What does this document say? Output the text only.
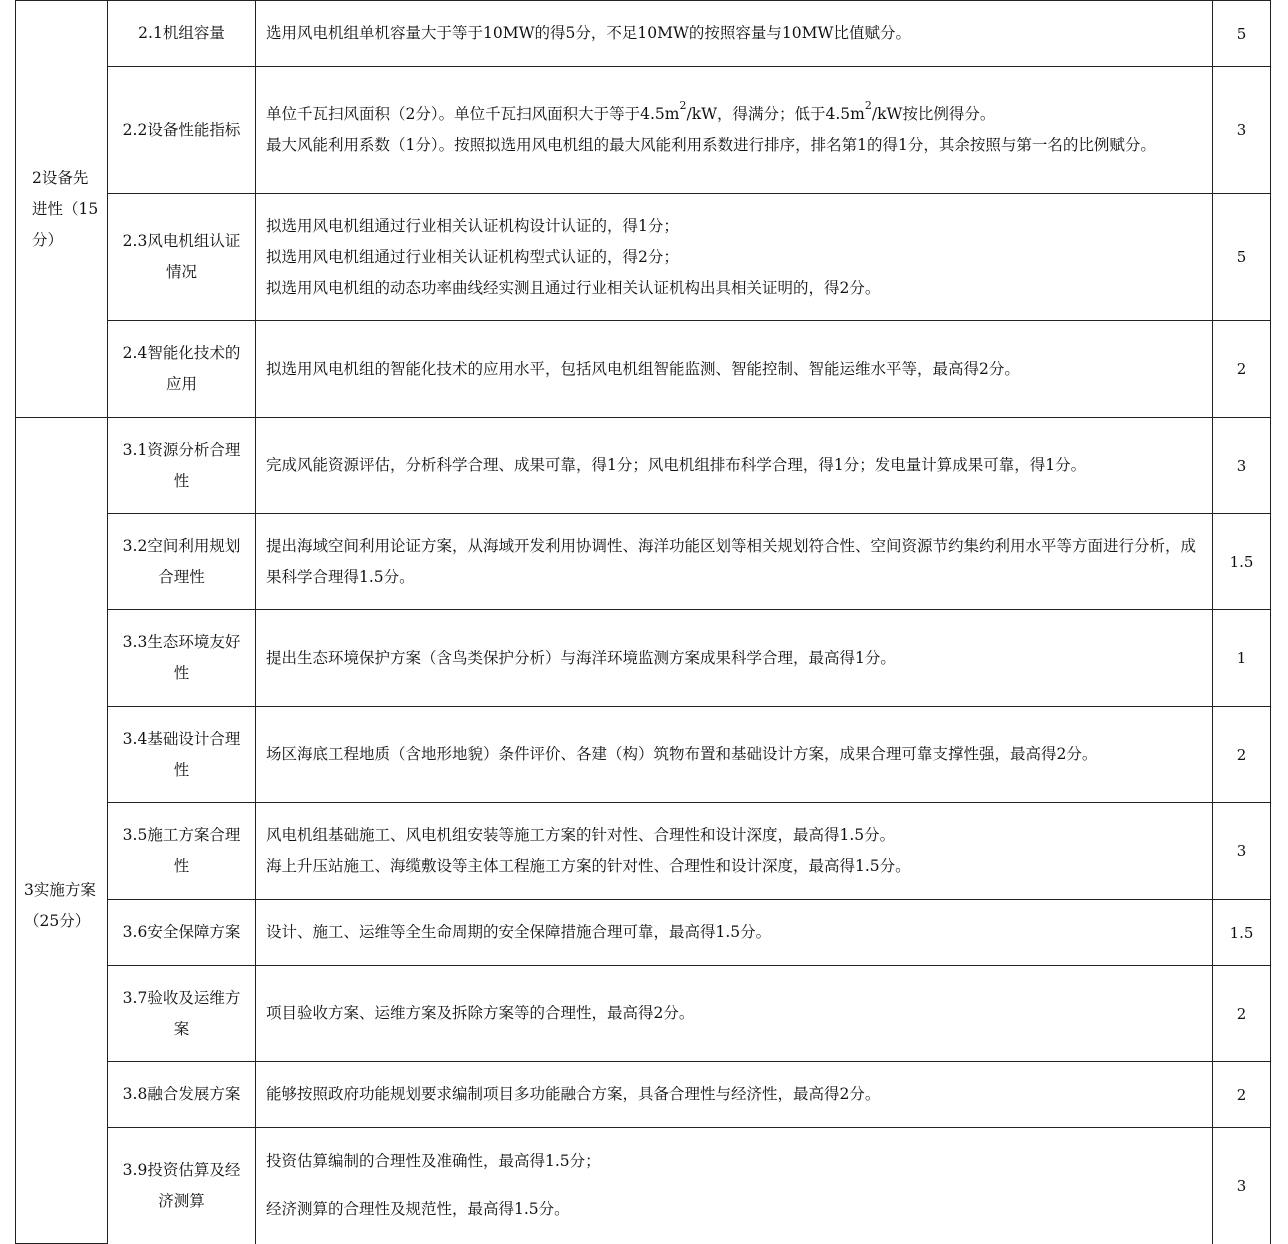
2设备先进性（15分）	2.1机组容量	选用风电机组单机容量大于等于10MW的得5分，不足10MW的按照容量与10MW比值赋分。	5
	2.2设备性能指标	单位千瓦扫风面积（2分）。单位千瓦扫风面积大于等于$4.5m^2/kW$，得满分；低于$4.5m^2/kW$按比例得分。

最大风能利用系数（1分）。按照拟选用风电机组的最大风能利用系数进行排序，排名第1的得1分，其余按照与第一名的比例赋分。	3
	2.3风电机组认证情况	拟选用风电机组通过行业相关认证机构设计认证的，得1分；

拟选用风电机组通过行业相关认证机构型式认证的，得2分；

拟选用风电机组的动态功率曲线经实测且通过行业相关认证机构出具相关证明的，得2分。	5
	2.4智能化技术的应用	拟选用风电机组的智能化技术的应用水平，包括风电机组智能监测、智能控制、智能运维水平等，最高得2分。	2

3实施方案（25分）	3.1资源分析合理性	完成风能资源评估，分析科学合理、成果可靠，得1分；风电机组排布科学合理，得1分；发电量计算成果可靠，得1分。	3
	3.2空间利用规划合理性	提出海域空间利用论证方案，从海域开发利用协调性、海洋功能区划等相关规划符合性、空间资源节约集约利用水平等方面进行分析，成果科学合理得1.5分。	1.5
	3.3生态环境友好性	提出生态环境保护方案（含鸟类保护分析）与海洋环境监测方案成果科学合理，最高得1分。	1
	3.4基础设计合理性	场区海底工程地质（含地形地貌）条件评价、各建（构）筑物布置和基础设计方案，成果合理可靠支撑性强，最高得2分。	2
	3.5施工方案合理性	风电机组基础施工、风电机组安装等施工方案的针对性、合理性和设计深度，最高得1.5分。

海上升压站施工、海缆敷设等主体工程施工方案的针对性、合理性和设计深度，最高得1.5分。	3
	3.6安全保障方案	设计、施工、运维等全生命周期的安全保障措施合理可靠，最高得1.5分。	1.5
	3.7验收及运维方案	项目验收方案、运维方案及拆除方案等的合理性，最高得2分。	2
	3.8融合发展方案	能够按照政府功能规划要求编制项目多功能融合方案，具备合理性与经济性，最高得2分。	2
	3.9投资估算及经济测算	投资估算编制的合理性及准确性，最高得1.5分；

经济测算的合理性及规范性，最高得1.5分。	3
